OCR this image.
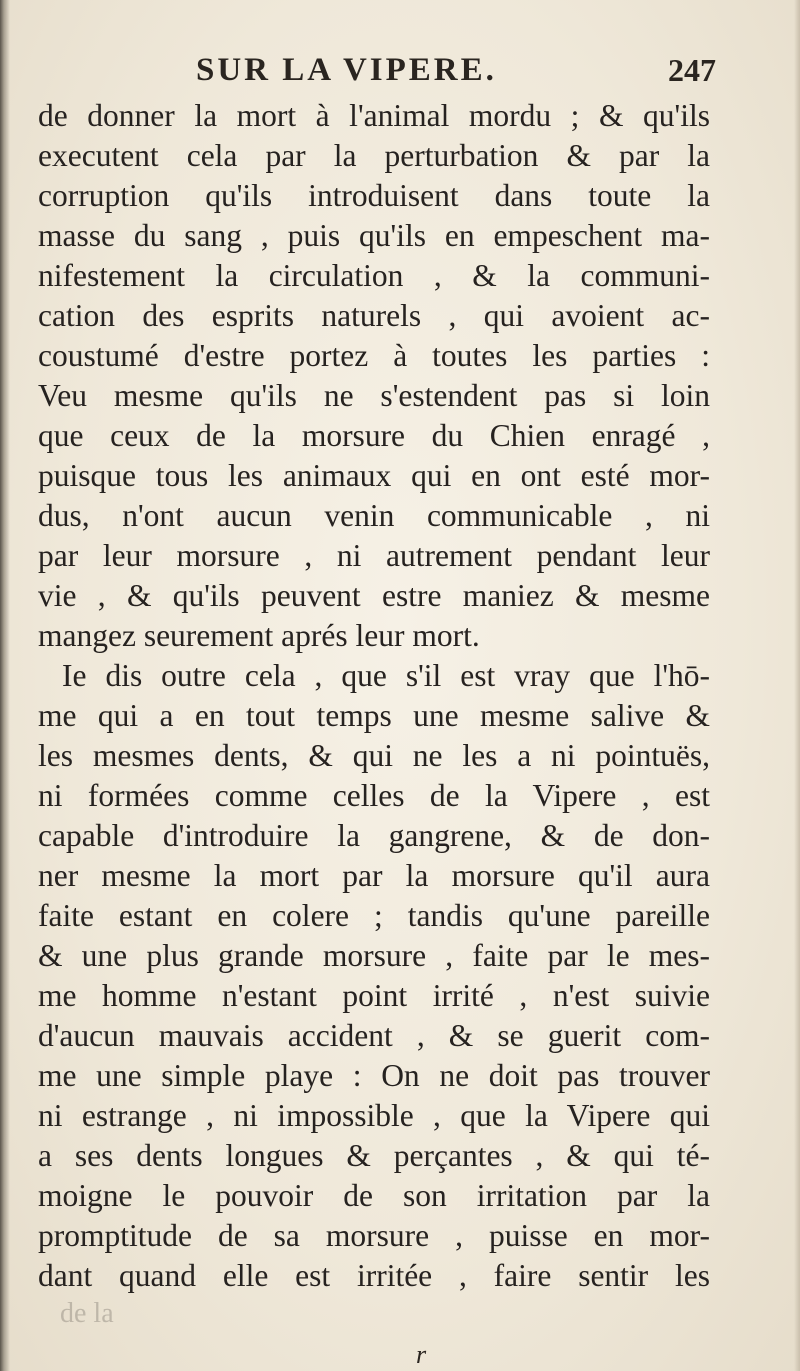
SUR LA VIPERE.	247
de donner la mort à l'animal mordu ; & qu'ils
executent cela par la perturbation & par la
corruption qu'ils introduisent dans toute la
masse du sang , puis qu'ils en empeschent ma-
nifestement la circulation , & la communi-
cation des esprits naturels , qui avoient ac-
coustumé d'estre portez à toutes les parties :
Veu mesme qu'ils ne s'estendent pas si loin
que ceux de la morsure du Chien enragé ,
puisque tous les animaux qui en ont esté mor-
dus, n'ont aucun venin communicable , ni
par leur morsure , ni autrement pendant leur
vie , & qu'ils peuvent estre maniez & mesme
mangez seurement aprés leur mort.
Ie dis outre cela , que s'il est vray que l'hō-
me qui a en tout temps une mesme salive &
les mesmes dents, & qui ne les a ni pointuës,
ni formées comme celles de la Vipere , est
capable d'introduire la gangrene, & de don-
ner mesme la mort par la morsure qu'il aura
faite estant en colere ; tandis qu'une pareille
& une plus grande morsure , faite par le mes-
me homme n'estant point irrité , n'est suivie
d'aucun mauvais accident , & se guerit com-
me une simple playe : On ne doit pas trouver
ni estrange , ni impossible , que la Vipere qui
a ses dents longues & perçantes , & qui té-
moigne le pouvoir de son irritation par la
promptitude de sa morsure , puisse en mor-
dant quand elle est irritée , faire sentir les
de la
r
